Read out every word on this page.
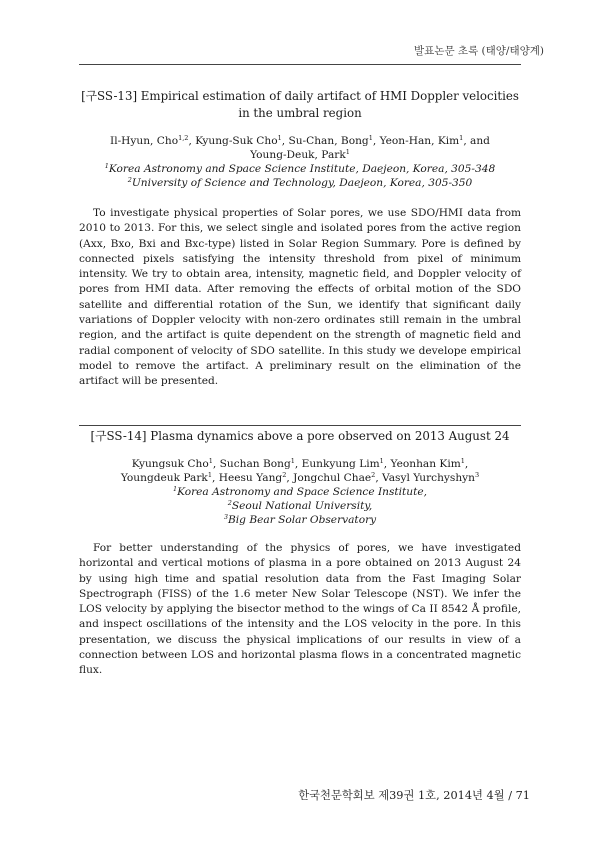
발표논문 초록 (태양/태양계)
[구SS-13] Empirical estimation of daily artifact of HMI Doppler velocities
in the umbral region
Il-Hyun, Cho$^{1,2}$, Kyung-Suk Cho$^1$, Su-Chan, Bong$^1$, Yeon-Han, Kim$^1$, and
Young-Deuk, Park$^1$
$^1$Korea Astronomy and Space Science Institute, Daejeon, Korea, 305-348
$^2$University of Science and Technology, Daejeon, Korea, 305-350

To investigate physical properties of Solar pores, we use SDO/HMI data from 2010 to 2013. For this, we select single and isolated pores from the active region (Axx, Bxo, Bxi and Bxc-type) listed in Solar Region Summary. Pore is defined by connected pixels satisfying the intensity threshold from pixel of minimum intensity. We try to obtain area, intensity, magnetic field, and Doppler velocity of pores from HMI data. After removing the effects of orbital motion of the SDO satellite and differential rotation of the Sun, we identify that significant daily variations of Doppler velocity with non-zero ordinates still remain in the umbral region, and the artifact is quite dependent on the strength of magnetic field and radial component of velocity of SDO satellite. In this study we develope empirical model to remove the artifact. A preliminary result on the elimination of the artifact will be presented.

[구SS-14] Plasma dynamics above a pore observed on 2013 August 24
Kyungsuk Cho$^1$, Suchan Bong$^1$, Eunkyung Lim$^1$, Yeonhan Kim$^1$,
Youngdeuk Park$^1$, Heesu Yang$^2$, Jongchul Chae$^2$, Vasyl Yurchyshyn$^3$
$^1$Korea Astronomy and Space Science Institute,
$^2$Seoul National University,
$^3$Big Bear Solar Observatory

For better understanding of the physics of pores, we have investigated horizontal and vertical motions of plasma in a pore obtained on 2013 August 24 by using high time and spatial resolution data from the Fast Imaging Solar Spectrograph (FISS) of the 1.6 meter New Solar Telescope (NST). We infer the LOS velocity by applying the bisector method to the wings of Ca II 8542 Å profile, and inspect oscillations of the intensity and the LOS velocity in the pore. In this presentation, we discuss the physical implications of our results in view of a connection between LOS and horizontal plasma flows in a concentrated magnetic flux.

한국천문학회보 제39권 1호, 2014년 4월 / 71
